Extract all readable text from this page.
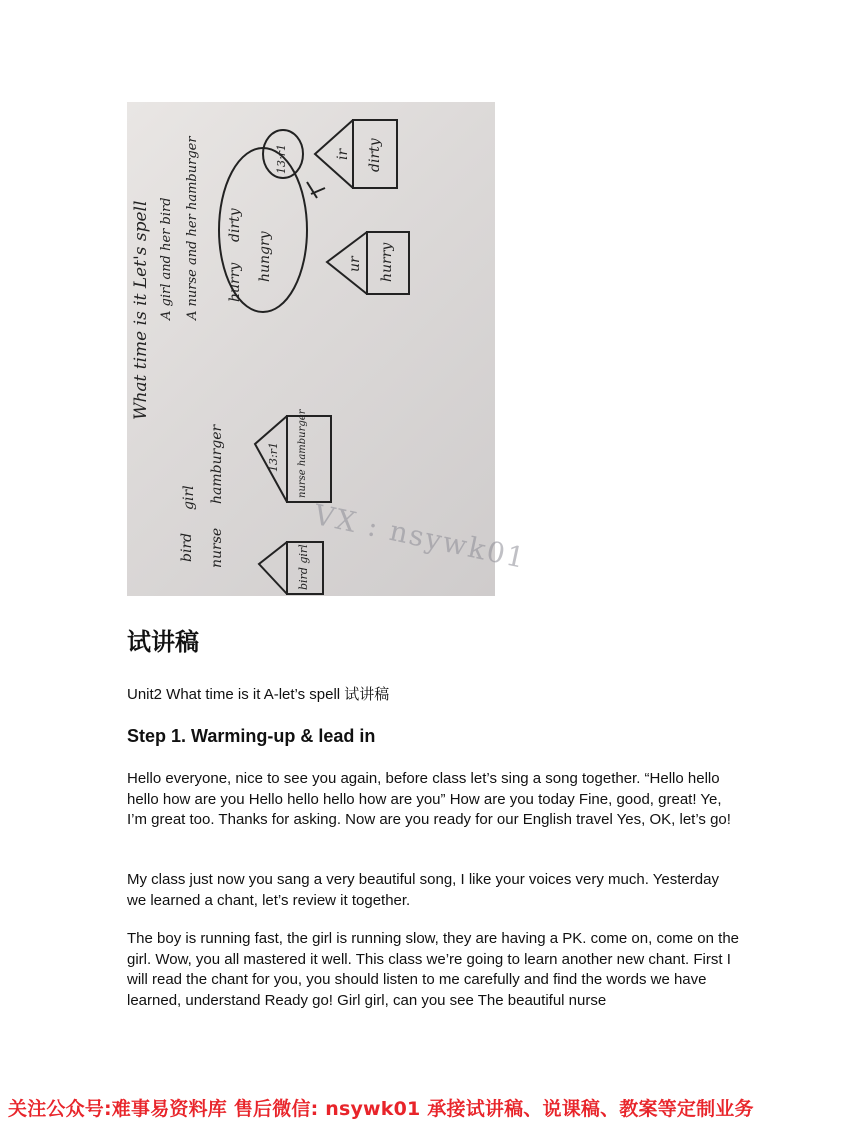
What time is it Let's spell A girl and her bird A nurse and her hamburger
bird
girl
nurse
hamburger
hurry
dirty
hungry
ir dirty
ur hurry
13:r1
13:r1 nurse hamburger
bird girl VX : nsywk01
试讲稿
Unit2 What time is it A-let’s spell 试讲稿
Step 1. Warming-up & lead in

Hello everyone, nice to see you again, before class let’s sing a song together. “Hello hello hello how are you Hello hello hello how are you” How are you today Fine, good, great! Ye, I’m great too. Thanks for asking. Now are you ready for our English travel Yes, OK, let’s go!

My class just now you sang a very beautiful song, I like your voices very much. Yesterday we learned a chant, let’s review it together.

The boy is running fast, the girl is running slow, they are having a PK. come on, come on the girl. Wow, you all mastered it well. This class we’re going to learn another new chant. First I will read the chant for you, you should listen to me carefully and find the words we have learned, understand Ready go! Girl girl, can you see The beautiful nurse

关注公众号:难事易资料库 售后微信: nsywk01 承接试讲稿、说课稿、教案等定制业务
